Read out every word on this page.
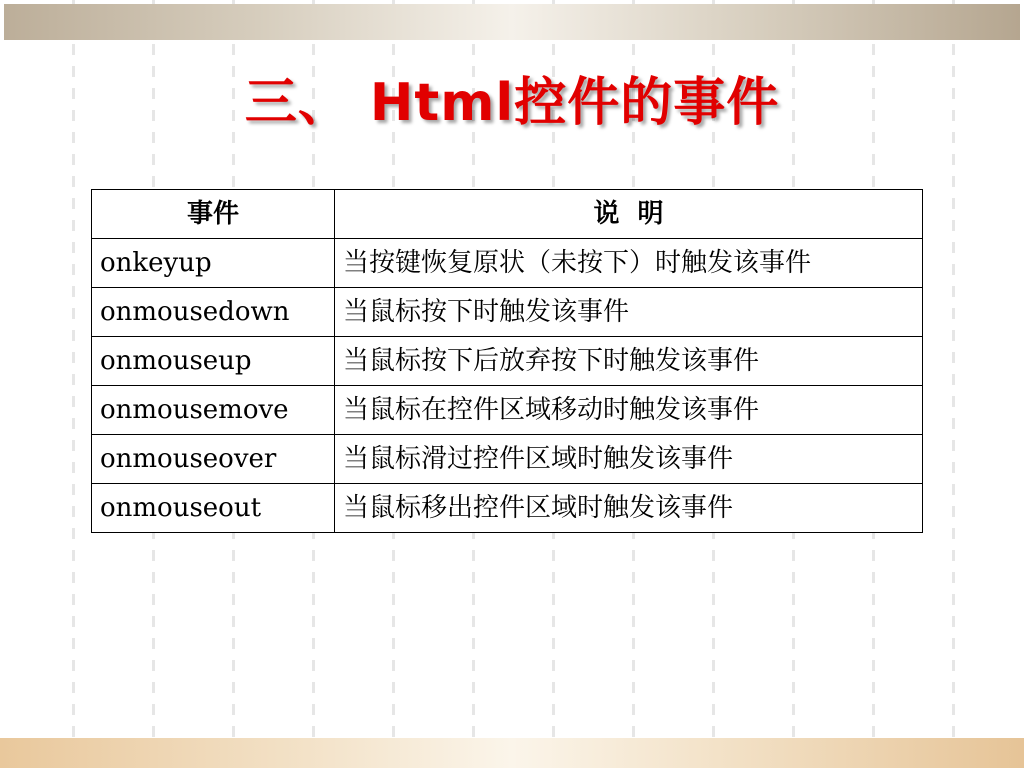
三、 Html控件的事件
事件	说  明
onkeyup	当按键恢复原状（未按下）时触发该事件
onmousedown	当鼠标按下时触发该事件
onmouseup	当鼠标按下后放弃按下时触发该事件
onmousemove	当鼠标在控件区域移动时触发该事件
onmouseover	当鼠标滑过控件区域时触发该事件
onmouseout	当鼠标移出控件区域时触发该事件
